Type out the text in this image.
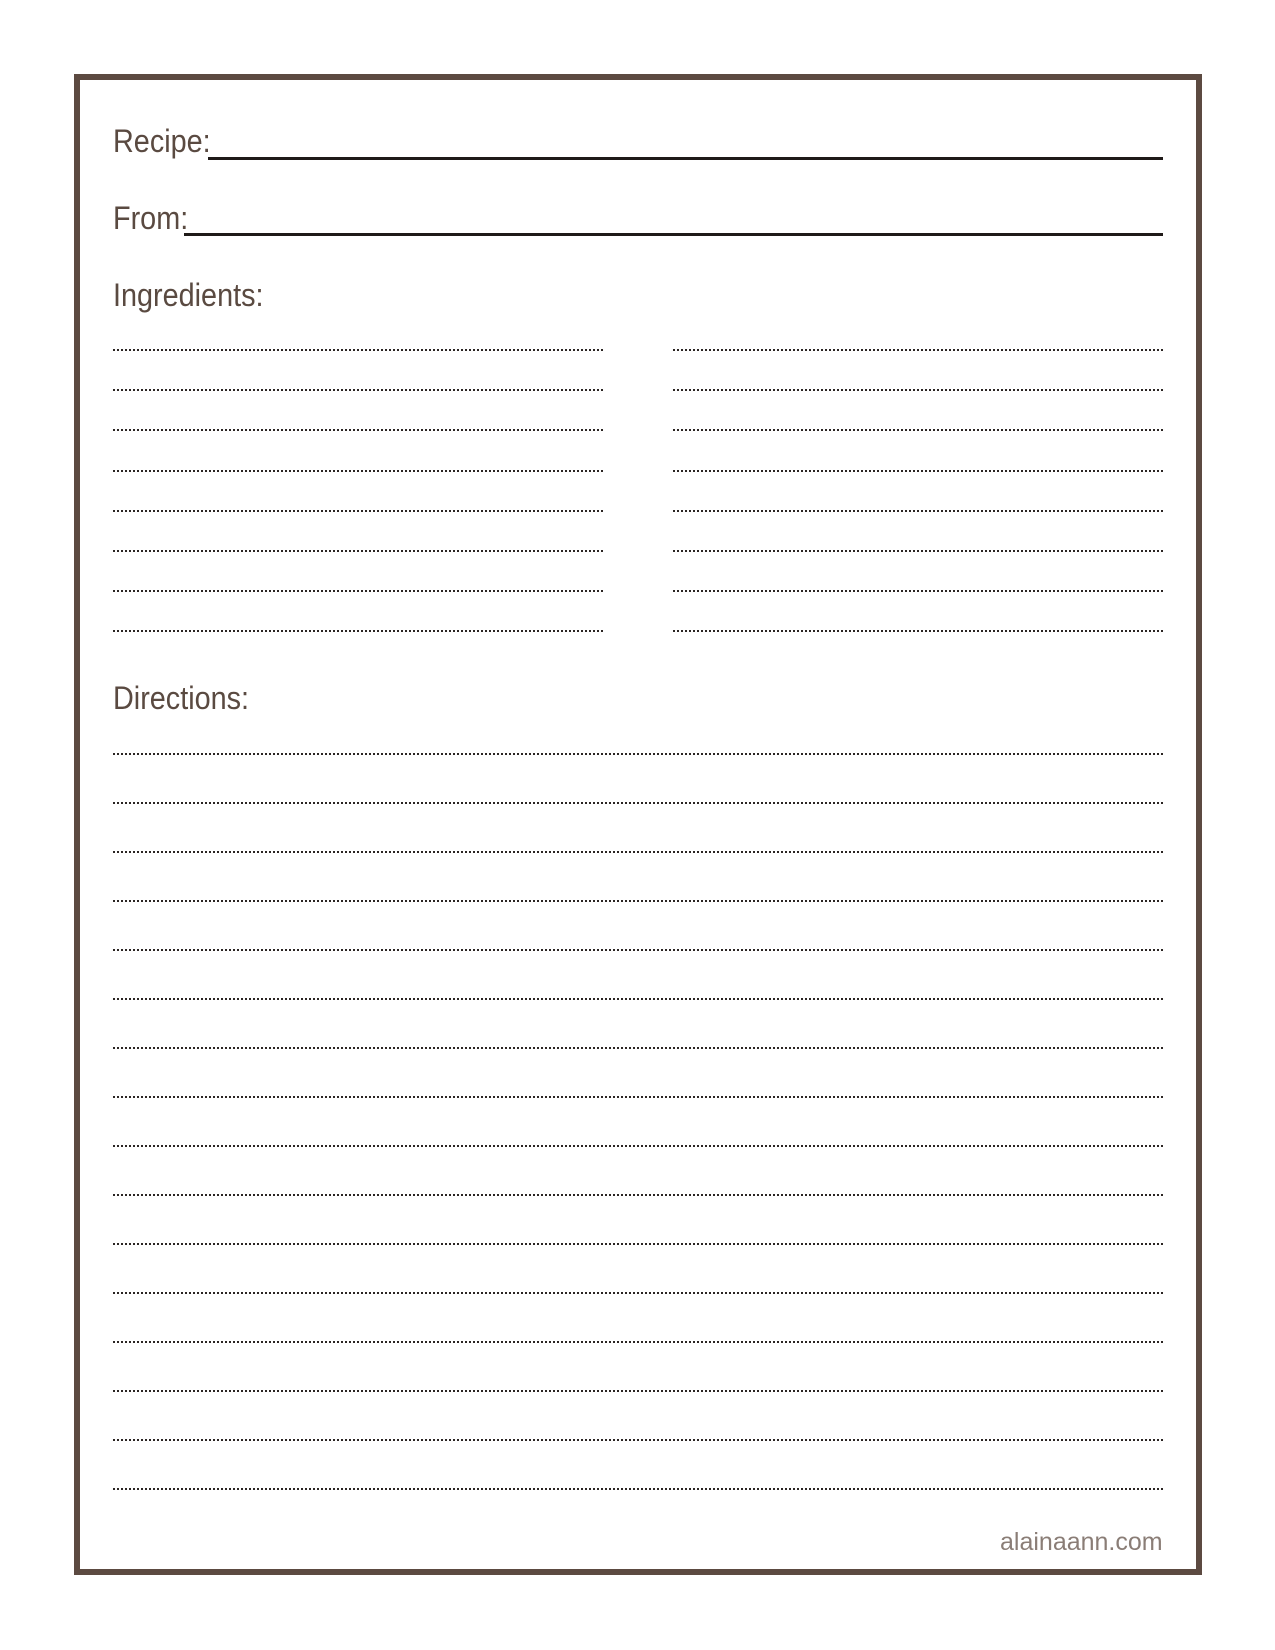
Recipe:
From:
Ingredients:
Directions:
alainaann.com
